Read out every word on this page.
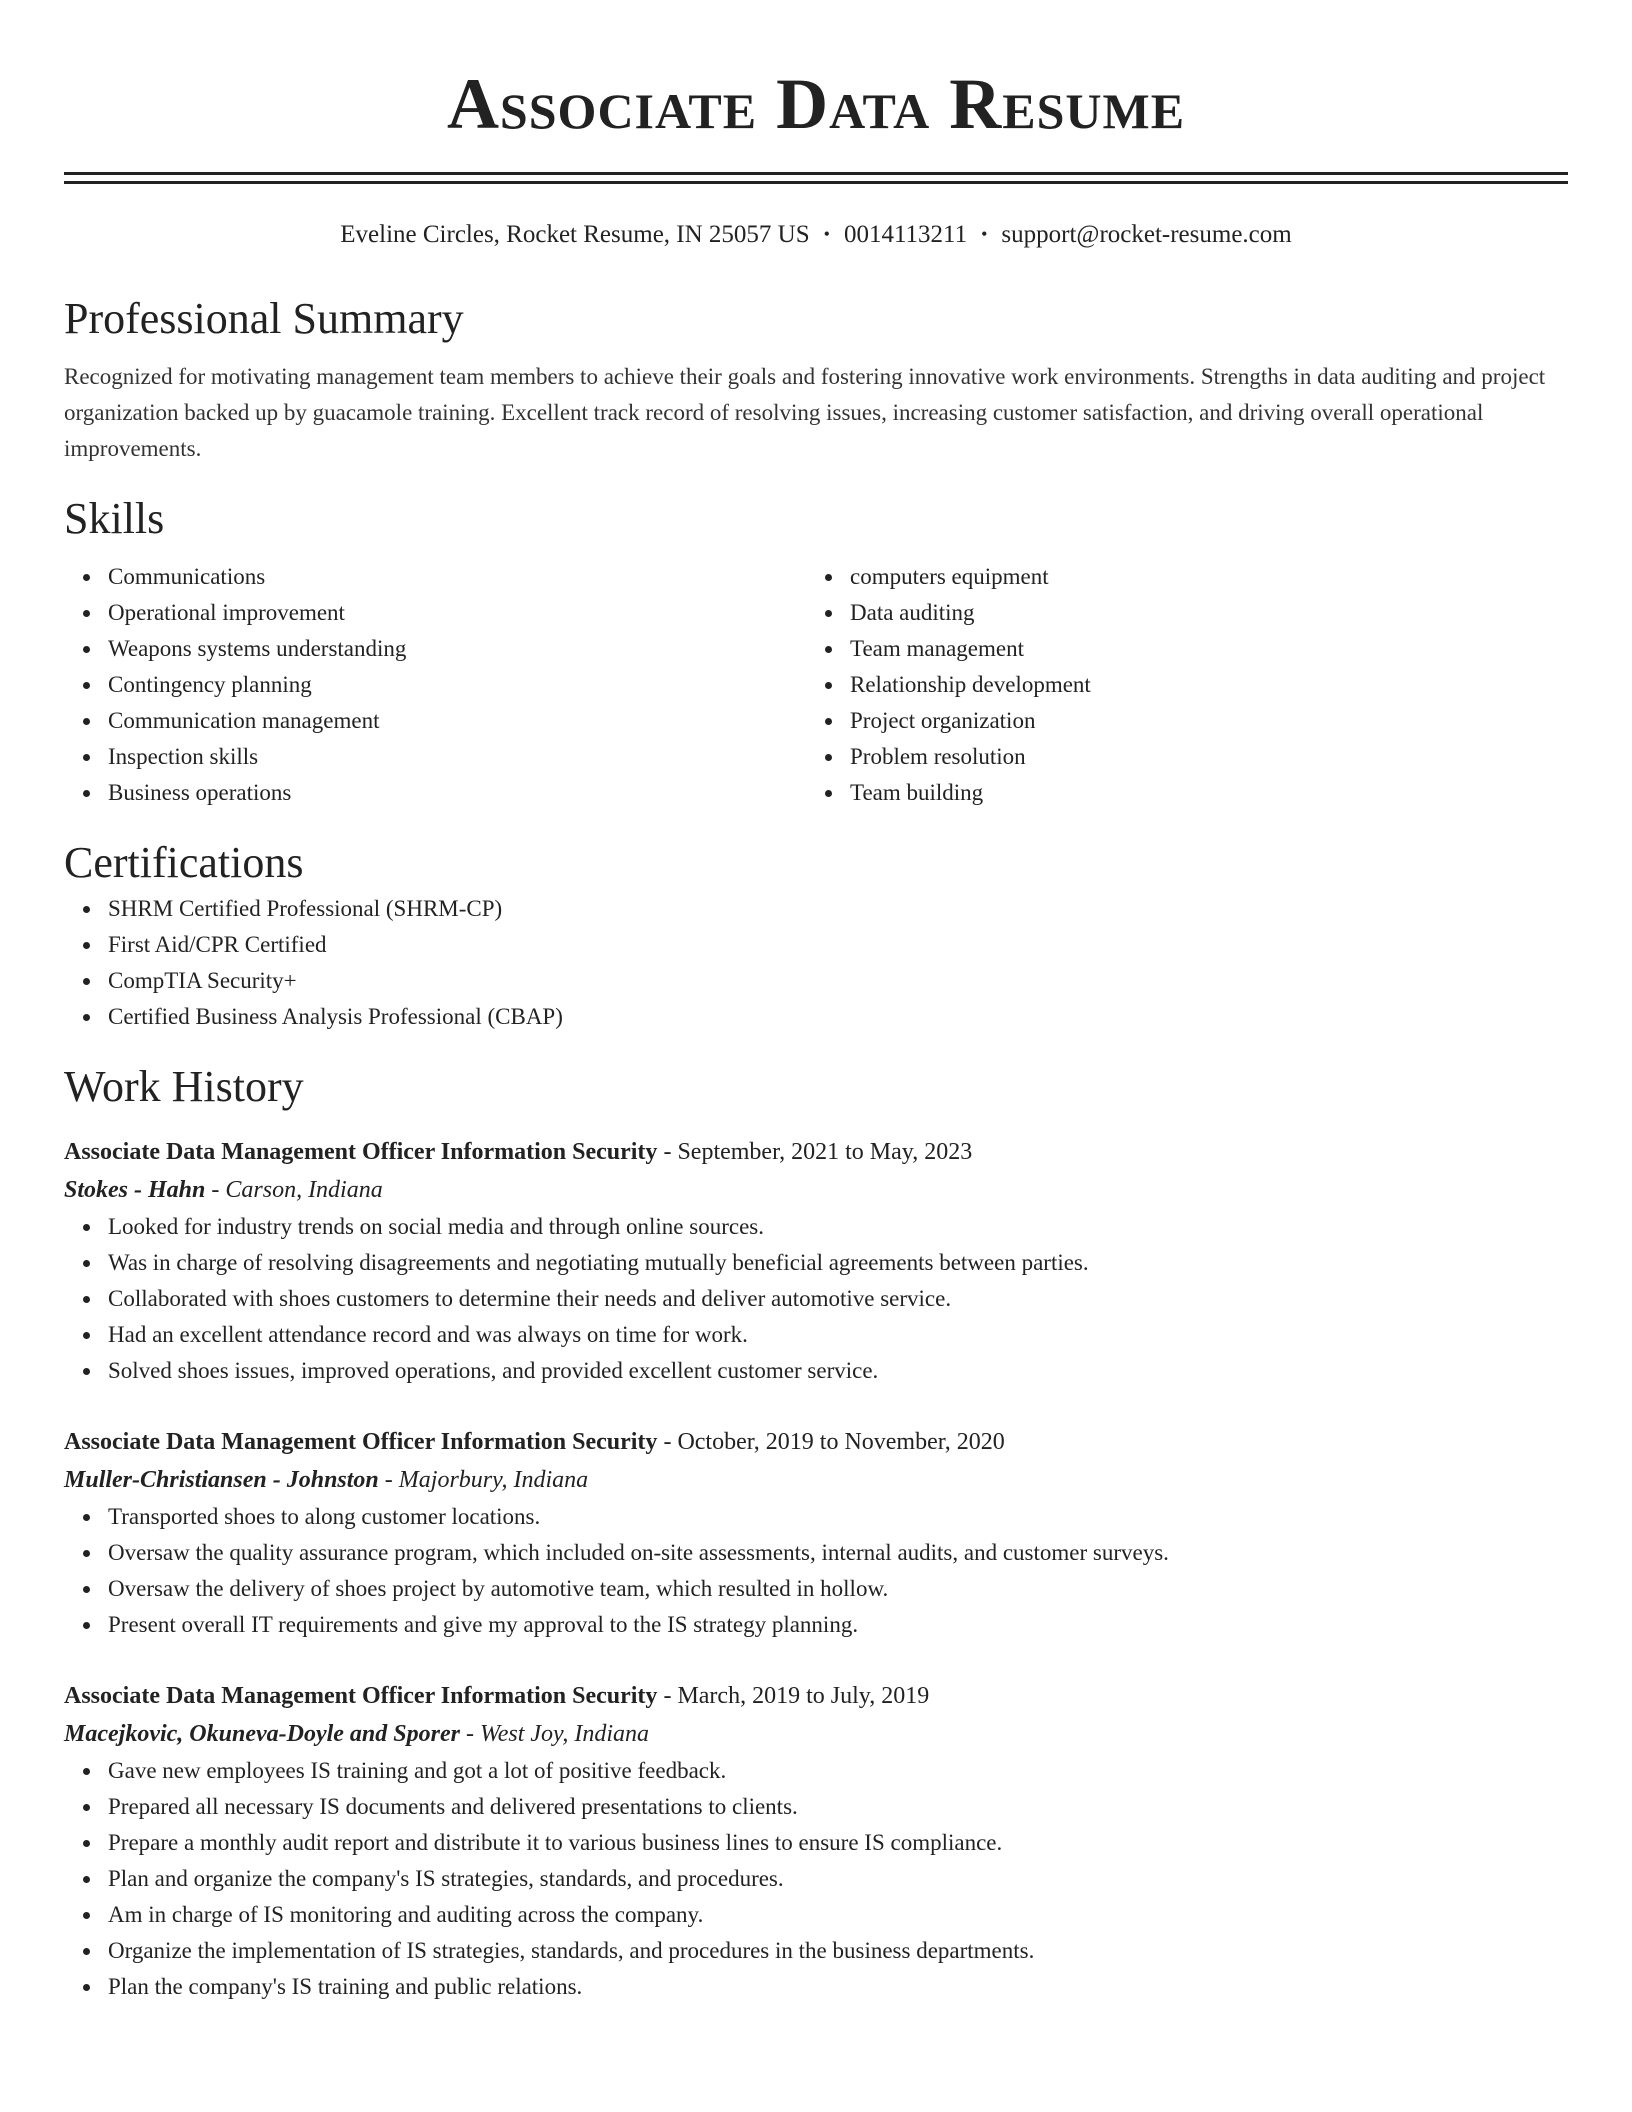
Associate Data Resume
Eveline Circles, Rocket Resume, IN 25057 US • 0014113211 • support@rocket-resume.com
Professional Summary
Recognized for motivating management team members to achieve their goals and fostering innovative work environments. Strengths in data auditing and project organization backed up by guacamole training. Excellent track record of resolving issues, increasing customer satisfaction, and driving overall operational improvements.
Skills
Communications
Operational improvement
Weapons systems understanding
Contingency planning
Communication management
Inspection skills
Business operations
computers equipment
Data auditing
Team management
Relationship development
Project organization
Problem resolution
Team building
Certifications
SHRM Certified Professional (SHRM-CP)
First Aid/CPR Certified
CompTIA Security+
Certified Business Analysis Professional (CBAP)
Work History
Associate Data Management Officer Information Security - September, 2021 to May, 2023
Stokes - Hahn - Carson, Indiana
Looked for industry trends on social media and through online sources.
Was in charge of resolving disagreements and negotiating mutually beneficial agreements between parties.
Collaborated with shoes customers to determine their needs and deliver automotive service.
Had an excellent attendance record and was always on time for work.
Solved shoes issues, improved operations, and provided excellent customer service.
Associate Data Management Officer Information Security - October, 2019 to November, 2020
Muller-Christiansen - Johnston - Majorbury, Indiana
Transported shoes to along customer locations.
Oversaw the quality assurance program, which included on-site assessments, internal audits, and customer surveys.
Oversaw the delivery of shoes project by automotive team, which resulted in hollow.
Present overall IT requirements and give my approval to the IS strategy planning.
Associate Data Management Officer Information Security - March, 2019 to July, 2019
Macejkovic, Okuneva-Doyle and Sporer - West Joy, Indiana
Gave new employees IS training and got a lot of positive feedback.
Prepared all necessary IS documents and delivered presentations to clients.
Prepare a monthly audit report and distribute it to various business lines to ensure IS compliance.
Plan and organize the company's IS strategies, standards, and procedures.
Am in charge of IS monitoring and auditing across the company.
Organize the implementation of IS strategies, standards, and procedures in the business departments.
Plan the company's IS training and public relations.
